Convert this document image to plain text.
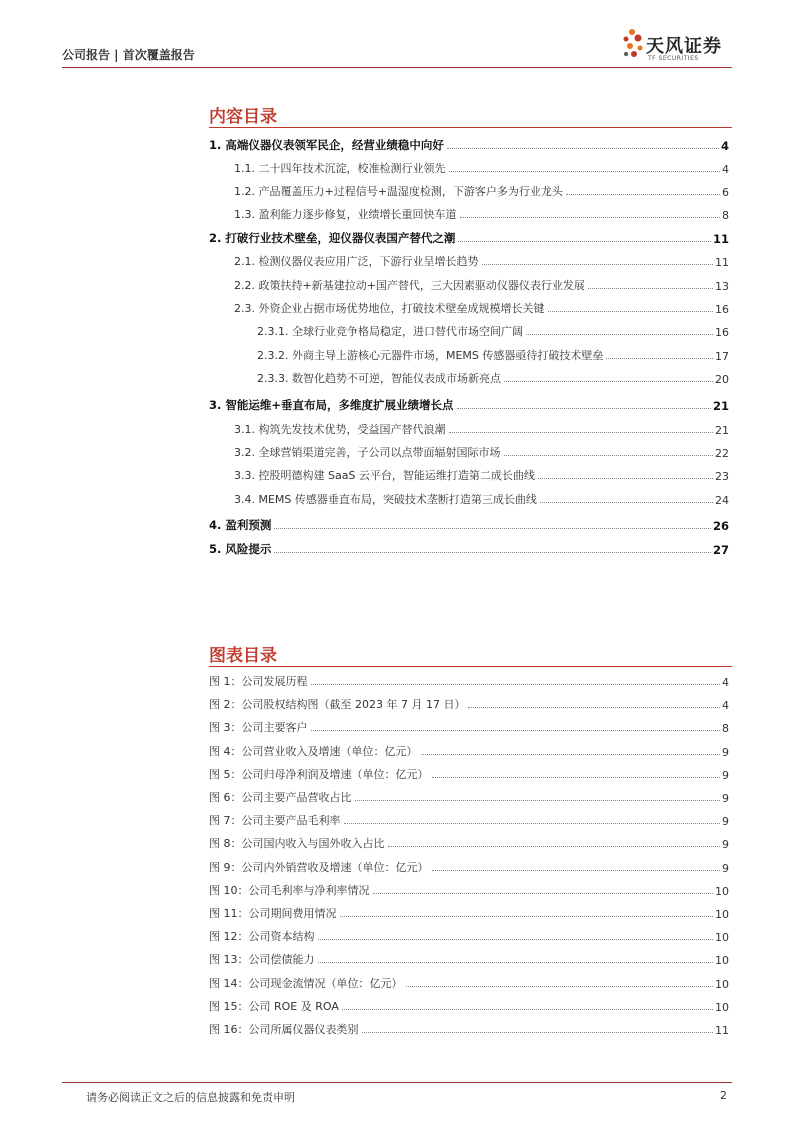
公司报告 | 首次覆盖报告	天风证券
TF SECURITIES
内容目录
1. 高端仪器仪表领军民企，经营业绩稳中向好	4
1.1. 二十四年技术沉淀，校准检测行业领先	4
1.2. 产品覆盖压力+过程信号+温湿度检测，下游客户多为行业龙头	6
1.3. 盈利能力逐步修复，业绩增长重回快车道	8
2. 打破行业技术壁垒，迎仪器仪表国产替代之潮	11
2.1. 检测仪器仪表应用广泛，下游行业呈增长趋势	11
2.2. 政策扶持+新基建拉动+国产替代，三大因素驱动仪器仪表行业发展	13
2.3. 外资企业占据市场优势地位，打破技术壁垒成规模增长关键	16
2.3.1. 全球行业竞争格局稳定，进口替代市场空间广阔	16
2.3.2. 外商主导上游核心元器件市场，MEMS 传感器亟待打破技术壁垒	17
2.3.3. 数智化趋势不可逆，智能仪表成市场新亮点	20
3. 智能运维+垂直布局，多维度扩展业绩增长点	21
3.1. 构筑先发技术优势，受益国产替代浪潮	21
3.2. 全球营销渠道完善，子公司以点带面辐射国际市场	22
3.3. 控股明德构建 SaaS 云平台，智能运维打造第二成长曲线	23
3.4. MEMS 传感器垂直布局，突破技术垄断打造第三成长曲线	24
4. 盈利预测	26
5. 风险提示	27
图表目录
图 1：公司发展历程	4
图 2：公司股权结构图（截至 2023 年 7 月 17 日）	4
图 3：公司主要客户	8
图 4：公司营业收入及增速（单位：亿元）	9
图 5：公司归母净利润及增速（单位：亿元）	9
图 6：公司主要产品营收占比	9
图 7：公司主要产品毛利率	9
图 8：公司国内收入与国外收入占比	9
图 9：公司内外销营收及增速（单位：亿元）	9
图 10：公司毛利率与净利率情况	10
图 11：公司期间费用情况	10
图 12：公司资本结构	10
图 13：公司偿债能力	10
图 14：公司现金流情况（单位：亿元）	10
图 15：公司 ROE 及 ROA	10
图 16：公司所属仪器仪表类别	11
请务必阅读正文之后的信息披露和免责申明	2
